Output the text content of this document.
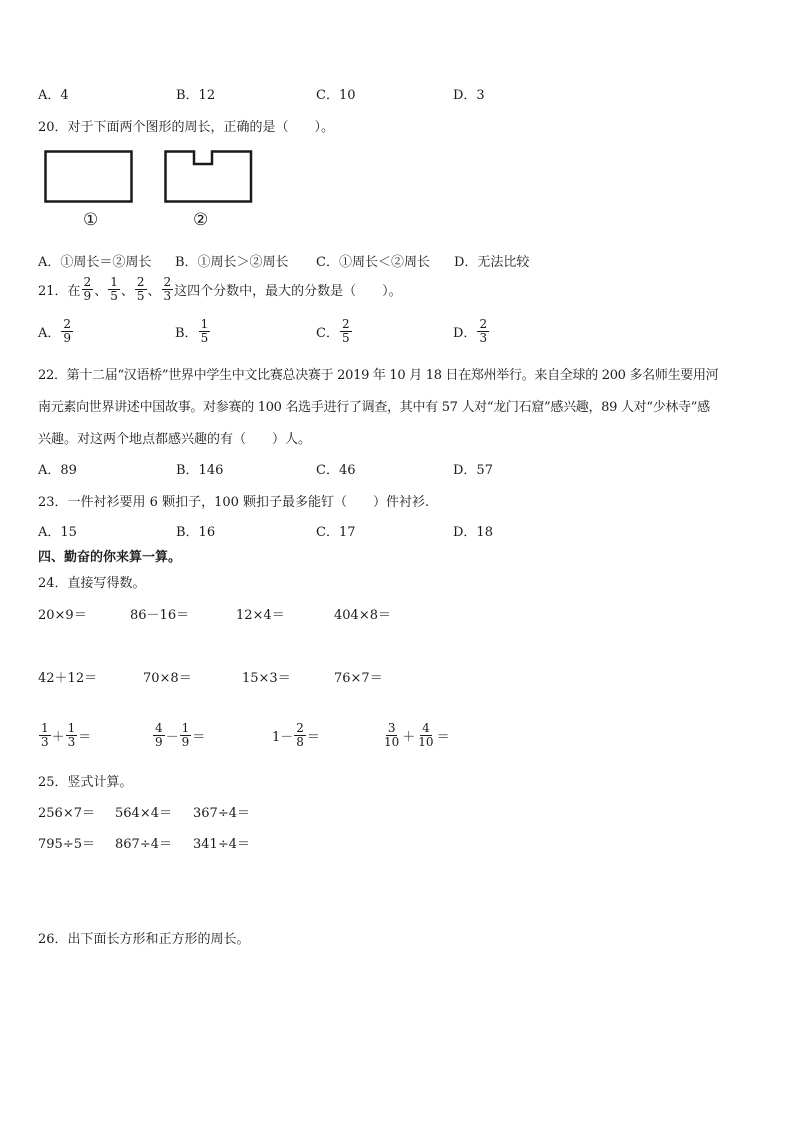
A．4	B．12	C．10	D．3
20．对于下面两个图形的周长，正确的是（　　）。
①	②
A．①周长＝②周长 B．①周长＞②周长 C．①周长＜②周长 D．无法比较
21．在 $\frac{2}{9}$ 、 $\frac{1}{5}$ 、 $\frac{2}{5}$ 、 $\frac{2}{3}$ 这四个分数中，最大的分数是（　　）。
A． $\frac{2}{9}$	B． $\frac{1}{5}$	C． $\frac{2}{5}$	D． $\frac{2}{3}$
22．第十二届“汉语桥”世界中学生中文比赛总决赛于 2019 年 10 月 18 日在郑州举行。来自全球的 200 多名师生要用河
南元素向世界讲述中国故事。对参赛的 100 名选手进行了调查，其中有 57 人对“龙门石窟”感兴趣，89 人对“少林寺”感
兴趣。对这两个地点都感兴趣的有（　　）人。
A．89	B．146	C．46	D．57
23．一件衬衫要用 6 颗扣子，100 颗扣子最多能钉（　　）件衬衫.
A．15	B．16	C．17	D．18
四、勤奋的你来算一算。
24．直接写得数。
20×9＝	86－16＝	12×4＝	404×8＝
42＋12＝	70×8＝	15×3＝	76×7＝
$\frac{1}{3} + \frac{1}{3}$ ＝	$\frac{4}{9} - \frac{1}{9}$ ＝	$1- \frac{2}{8}$ ＝	$\frac{3}{10} + \frac{4}{10}$ ＝
25．竖式计算。
256×7＝ 564×4＝ 367÷4＝
795÷5＝ 867÷4＝ 341÷4＝
26．出下面长方形和正方形的周长。
